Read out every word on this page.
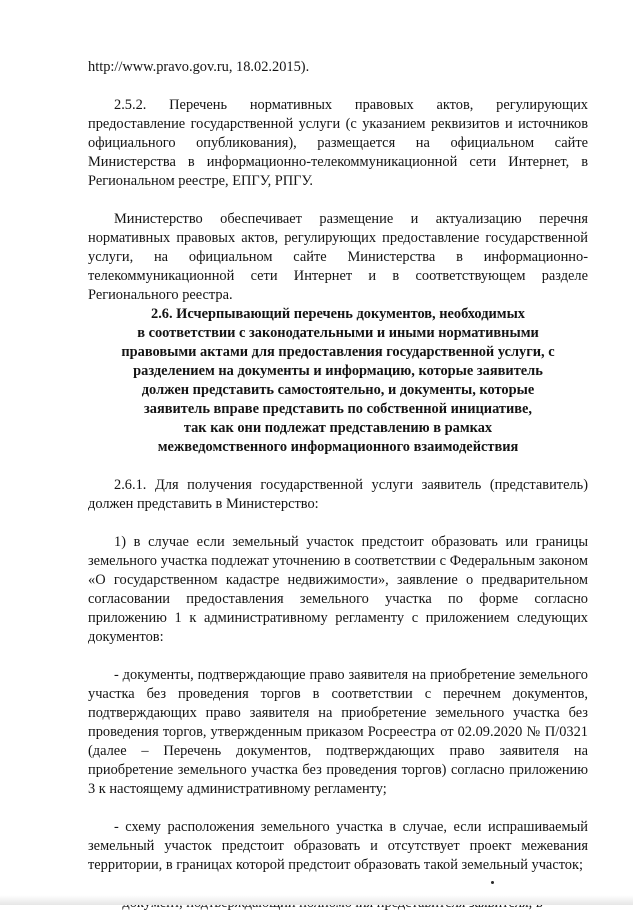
http://www.pravo.gov.ru, 18.02.2015).

2.5.2. Перечень нормативных правовых актов, регулирующих предоставление государственной услуги (с указанием реквизитов и источников официального опубликования), размещается на официальном сайте Министерства в информационно-телекоммуникационной сети Интернет, в Региональном реестре, ЕПГУ, РПГУ.

Министерство обеспечивает размещение и актуализацию перечня нормативных правовых актов, регулирующих предоставление государственной услуги, на официальном сайте Министерства в информационно-телекоммуникационной сети Интернет и в соответствующем разделе Регионального реестра.

2.6. Исчерпывающий перечень документов, необходимых
в соответствии с законодательными и иными нормативными
правовыми актами для предоставления государственной услуги, с
разделением на документы и информацию, которые заявитель
должен представить самостоятельно, и документы, которые
заявитель вправе представить по собственной инициативе,
так как они подлежат представлению в рамках
межведомственного информационного взаимодействия

2.6.1. Для получения государственной услуги заявитель (представитель) должен представить в Министерство:

1) в случае если земельный участок предстоит образовать или границы земельного участка подлежат уточнению в соответствии с Федеральным законом «О государственном кадастре недвижимости», заявление о предварительном согласовании предоставления земельного участка по форме согласно приложению 1 к административному регламенту с приложением следующих документов:

- документы, подтверждающие право заявителя на приобретение земельного участка без проведения торгов в соответствии с перечнем документов, подтверждающих право заявителя на приобретение земельного участка без проведения торгов, утвержденным приказом Росреестра от 02.09.2020 № П/0321 (далее – Перечень документов, подтверждающих право заявителя на приобретение земельного участка без проведения торгов) согласно приложению 3 к настоящему административному регламенту;

- схему расположения земельного участка в случае, если испрашиваемый земельный участок предстоит образовать и отсутствует проект межевания территории, в границах которой предстоит образовать такой земельный участок;
